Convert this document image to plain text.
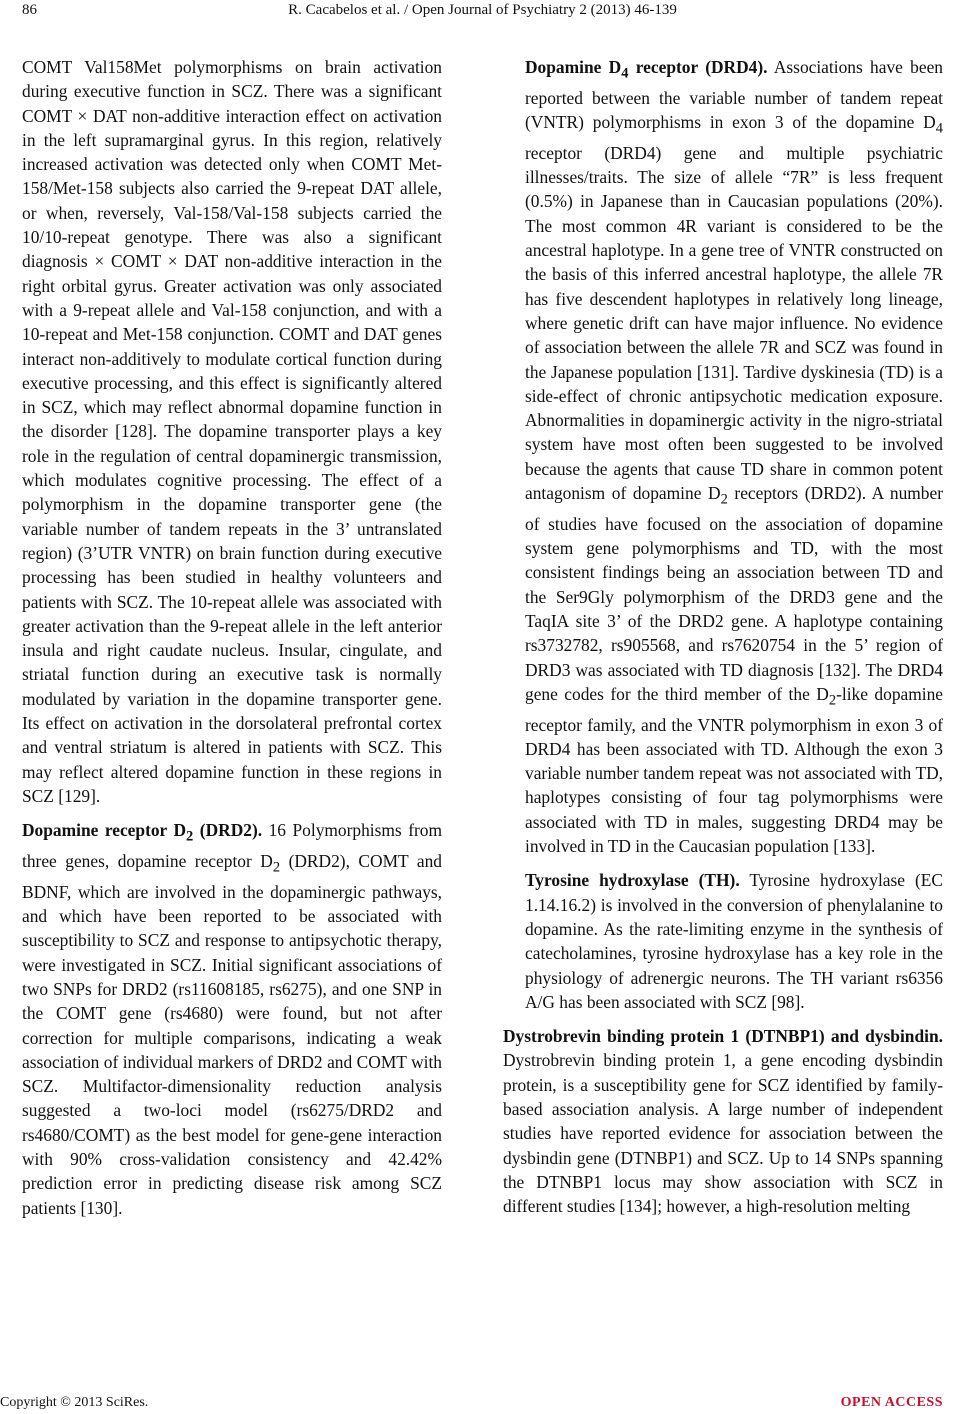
86	R. Cacabelos et al. / Open Journal of Psychiatry 2 (2013) 46-139

COMT Val158Met polymorphisms on brain activation during executive function in SCZ. There was a significant COMT × DAT non-additive interaction effect on activation in the left supramarginal gyrus. In this region, relatively increased activation was detected only when COMT Met-158/Met-158 subjects also carried the 9-repeat DAT allele, or when, reversely, Val-158/Val-158 subjects carried the 10/10-repeat genotype. There was also a significant diagnosis × COMT × DAT non-additive interaction in the right orbital gyrus. Greater activation was only associated with a 9-repeat allele and Val-158 conjunction, and with a 10-repeat and Met-158 conjunction. COMT and DAT genes interact non-additively to modulate cortical function during executive processing, and this effect is significantly altered in SCZ, which may reflect abnormal dopamine function in the disorder [128]. The dopamine transporter plays a key role in the regulation of central dopaminergic transmission, which modulates cognitive processing. The effect of a polymorphism in the dopamine transporter gene (the variable number of tandem repeats in the 3’ untranslated region) (3’UTR VNTR) on brain function during executive processing has been studied in healthy volunteers and patients with SCZ. The 10-repeat allele was associated with greater activation than the 9-repeat allele in the left anterior insula and right caudate nucleus. Insular, cingulate, and striatal function during an executive task is normally modulated by variation in the dopamine transporter gene. Its effect on activation in the dorsolateral prefrontal cortex and ventral striatum is altered in patients with SCZ. This may reflect altered dopamine function in these regions in SCZ [129].

Dopamine receptor $D_2$ (DRD2). 16 Polymorphisms from three genes, dopamine receptor $D_2$ (DRD2), COMT and BDNF, which are involved in the dopaminergic pathways, and which have been reported to be associated with susceptibility to SCZ and response to antipsychotic therapy, were investigated in SCZ. Initial significant associations of two SNPs for DRD2 (rs11608185, rs6275), and one SNP in the COMT gene (rs4680) were found, but not after correction for multiple comparisons, indicating a weak association of individual markers of DRD2 and COMT with SCZ. Multifactor-dimensionality reduction analysis suggested a two-loci model (rs6275/DRD2 and rs4680/COMT) as the best model for gene-gene interaction with 90% cross-validation consistency and 42.42% prediction error in predicting disease risk among SCZ patients [130].

Dopamine $D_4$ receptor (DRD4). Associations have been reported between the variable number of tandem repeat (VNTR) polymorphisms in exon 3 of the dopamine $D_4$ receptor (DRD4) gene and multiple psychiatric illnesses/traits. The size of allele “7R” is less frequent (0.5%) in Japanese than in Caucasian populations (20%). The most common 4R variant is considered to be the ancestral haplotype. In a gene tree of VNTR constructed on the basis of this inferred ancestral haplotype, the allele 7R has five descendent haplotypes in relatively long lineage, where genetic drift can have major influence. No evidence of association between the allele 7R and SCZ was found in the Japanese population [131]. Tardive dyskinesia (TD) is a side-effect of chronic antipsychotic medication exposure. Abnormalities in dopaminergic activity in the nigro-striatal system have most often been suggested to be involved because the agents that cause TD share in common potent antagonism of dopamine $D_2$ receptors (DRD2). A number of studies have focused on the association of dopamine system gene polymorphisms and TD, with the most consistent findings being an association between TD and the Ser9Gly polymorphism of the DRD3 gene and the TaqIA site 3’ of the DRD2 gene. A haplotype containing rs3732782, rs905568, and rs7620754 in the 5’ region of DRD3 was associated with TD diagnosis [132]. The DRD4 gene codes for the third member of the $D_2$-like dopamine receptor family, and the VNTR polymorphism in exon 3 of DRD4 has been associated with TD. Although the exon 3 variable number tandem repeat was not associated with TD, haplotypes consisting of four tag polymorphisms were associated with TD in males, suggesting DRD4 may be involved in TD in the Caucasian population [133].

Tyrosine hydroxylase (TH). Tyrosine hydroxylase (EC 1.14.16.2) is involved in the conversion of phenylalanine to dopamine. As the rate-limiting enzyme in the synthesis of catecholamines, tyrosine hydroxylase has a key role in the physiology of adrenergic neurons. The TH variant rs6356 A/G has been associated with SCZ [98].

Dystrobrevin binding protein 1 (DTNBP1) and dysbindin. Dystrobrevin binding protein 1, a gene encoding dysbindin protein, is a susceptibility gene for SCZ identified by family-based association analysis. A large number of independent studies have reported evidence for association between the dysbindin gene (DTNBP1) and SCZ. Up to 14 SNPs spanning the DTNBP1 locus may show association with SCZ in different studies [134]; however, a high-resolution melting

Copyright © 2013 SciRes.	OPEN ACCESS
